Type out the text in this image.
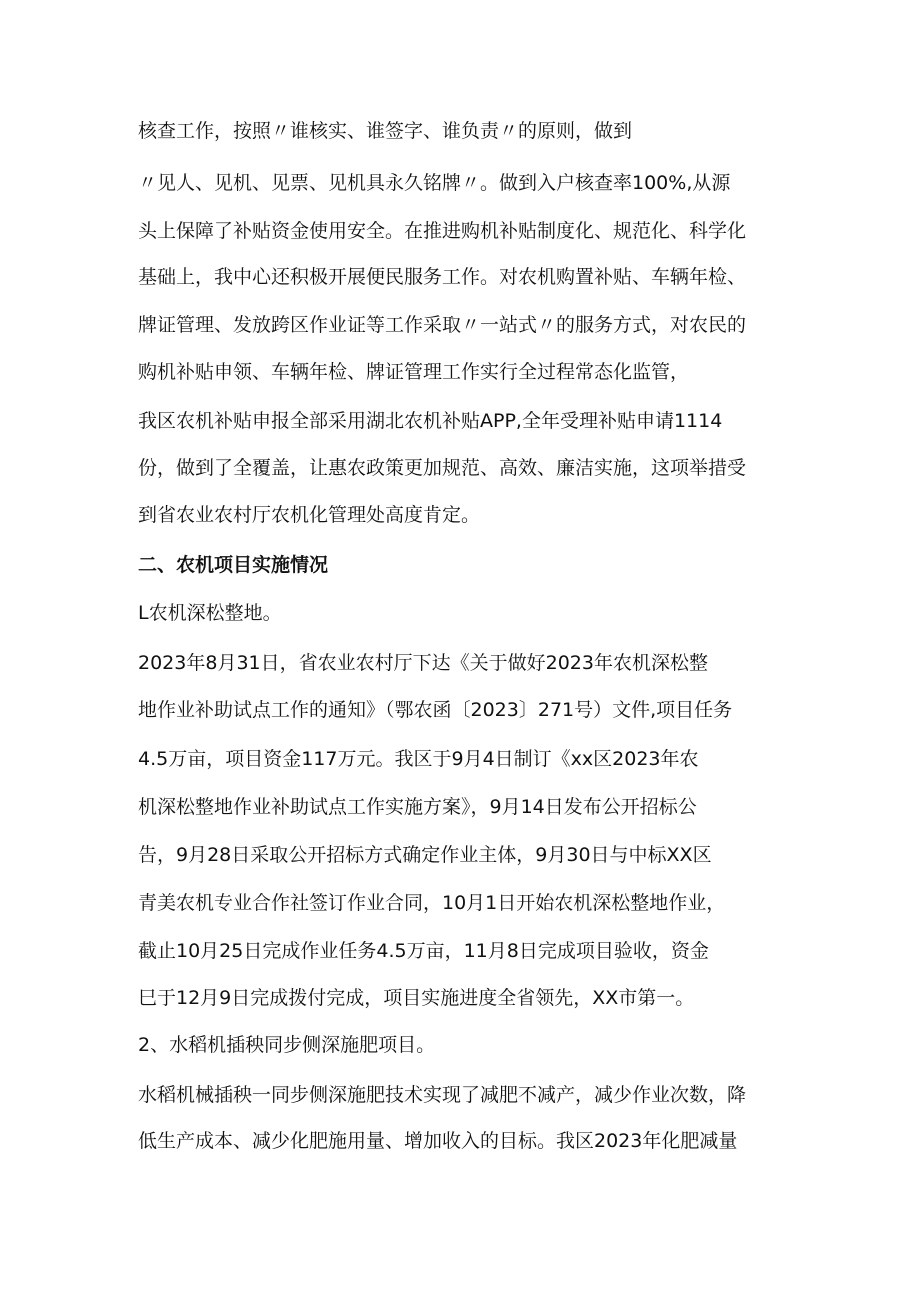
核查工作，按照〃谁核实、谁签字、谁负责〃的原则，做到
〃见人、见机、见票、见机具永久铭牌〃。做到入户核查率100%,从源
头上保障了补贴资金使用安全。在推进购机补贴制度化、规范化、科学化
基础上，我中心还积极开展便民服务工作。对农机购置补贴、车辆年检、
牌证管理、发放跨区作业证等工作采取〃一站式〃的服务方式，对农民的
购机补贴申领、车辆年检、牌证管理工作实行全过程常态化监管，
我区农机补贴申报全部采用湖北农机补贴APP,全年受理补贴申请1114
份，做到了全覆盖，让惠农政策更加规范、高效、廉洁实施，这项举措受
到省农业农村厅农机化管理处高度肯定。
二、农机项目实施情况
L农机深松整地。
2023年8月31日，省农业农村厅下达《关于做好2023年农机深松整
地作业补助试点工作的通知》（鄂农函〔2023〕271号）文件,项目任务
4.5万亩，项目资金117万元。我区于9月4日制订《xx区2023年农
机深松整地作业补助试点工作实施方案》，9月14日发布公开招标公
告，9月28日采取公开招标方式确定作业主体，9月30日与中标XX区
青美农机专业合作社签订作业合同，10月1日开始农机深松整地作业，
截止10月25日完成作业任务4.5万亩，11月8日完成项目验收，资金
巳于12月9日完成拨付完成，项目实施进度全省领先，XX市第一。
2、水稻机插秧同步侧深施肥项目。
水稻机械插秧一同步侧深施肥技术实现了减肥不减产，减少作业次数，降
低生产成本、减少化肥施用量、增加收入的目标。我区2023年化肥减量
